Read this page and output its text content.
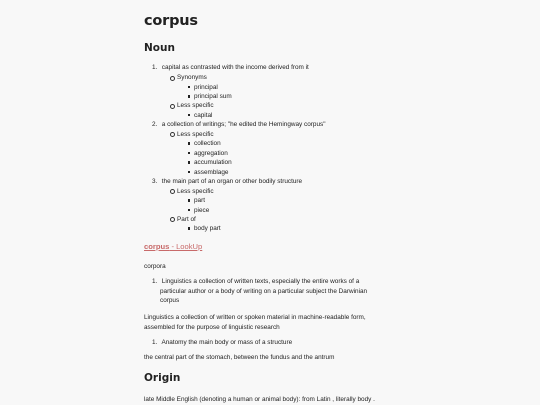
corpus
Noun
1. capital as contrasted with the income derived from it
Synonyms
principal
principal sum
Less specific
capital
2. a collection of writings; "he edited the Hemingway corpus"
Less specific
collection
aggregation
accumulation
assemblage
3. the main part of an organ or other bodily structure
Less specific
part
piece
Part of
body part
corpus - LookUp
corpora
1. Linguistics a collection of written texts, especially the entire works of a
particular author or a body of writing on a particular subject the Darwinian
corpus
Linguistics a collection of written or spoken material in machine-readable form,
assembled for the purpose of linguistic research
1. Anatomy the main body or mass of a structure
the central part of the stomach, between the fundus and the antrum
Origin
late Middle English (denoting a human or animal body): from Latin , literally body .
